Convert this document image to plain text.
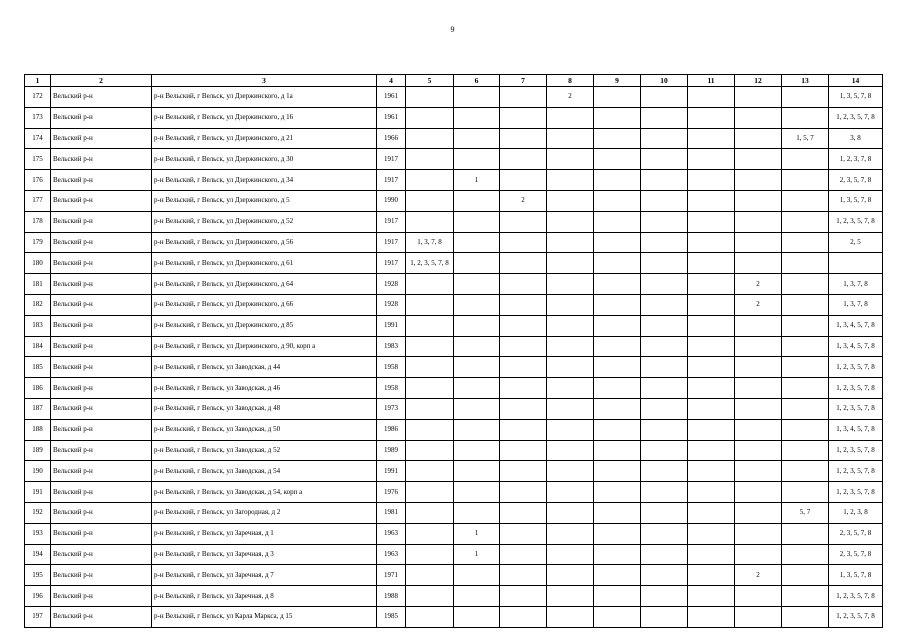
9
1	2	3	4	5	6	7	8	9	10	11	12	13	14
172	Вельский р-н	р-н Вельский, г Вельск, ул Дзержинского, д 1а	1961				2						1, 3, 5, 7, 8
173	Вельский р-н	р-н Вельский, г Вельск, ул Дзержинского, д 16	1961										1, 2, 3, 5, 7, 8
174	Вельский р-н	р-н Вельский, г Вельск, ул Дзержинского, д 21	1966									1, 5, 7	3, 8
175	Вельский р-н	р-н Вельский, г Вельск, ул Дзержинского, д 30	1917										1, 2, 3, 7, 8
176	Вельский р-н	р-н Вельский, г Вельск, ул Дзержинского, д 34	1917		1								2, 3, 5, 7, 8
177	Вельский р-н	р-н Вельский, г Вельск, ул Дзержинского, д 5	1990			2							1, 3, 5, 7, 8
178	Вельский р-н	р-н Вельский, г Вельск, ул Дзержинского, д 52	1917										1, 2, 3, 5, 7, 8
179	Вельский р-н	р-н Вельский, г Вельск, ул Дзержинского, д 56	1917	1, 3, 7, 8									2, 5
180	Вельский р-н	р-н Вельский, г Вельск, ул Дзержинского, д 61	1917	1, 2, 3, 5, 7, 8									
181	Вельский р-н	р-н Вельский, г Вельск, ул Дзержинского, д 64	1928								2		1, 3, 7, 8
182	Вельский р-н	р-н Вельский, г Вельск, ул Дзержинского, д 66	1928								2		1, 3, 7, 8
183	Вельский р-н	р-н Вельский, г Вельск, ул Дзержинского, д 85	1991										1, 3, 4, 5, 7, 8
184	Вельский р-н	р-н Вельский, г Вельск, ул Дзержинского, д 90, корп а	1983										1, 3, 4, 5, 7, 8
185	Вельский р-н	р-н Вельский, г Вельск, ул Заводская, д 44	1958										1, 2, 3, 5, 7, 8
186	Вельский р-н	р-н Вельский, г Вельск, ул Заводская, д 46	1958										1, 2, 3, 5, 7, 8
187	Вельский р-н	р-н Вельский, г Вельск, ул Заводская, д 48	1973										1, 2, 3, 5, 7, 8
188	Вельский р-н	р-н Вельский, г Вельск, ул Заводская, д 50	1986										1, 3, 4, 5, 7, 8
189	Вельский р-н	р-н Вельский, г Вельск, ул Заводская, д 52	1989										1, 2, 3, 5, 7, 8
190	Вельский р-н	р-н Вельский, г Вельск, ул Заводская, д 54	1991										1, 2, 3, 5, 7, 8
191	Вельский р-н	р-н Вельский, г Вельск, ул Заводская, д 54, корп а	1976										1, 2, 3, 5, 7, 8
192	Вельский р-н	р-н Вельский, г Вельск, ул Загородная, д 2	1981									5, 7	1, 2, 3, 8
193	Вельский р-н	р-н Вельский, г Вельск, ул Заречная, д 1	1963		1								2, 3, 5, 7, 8
194	Вельский р-н	р-н Вельский, г Вельск, ул Заречная, д 3	1963		1								2, 3, 5, 7, 8
195	Вельский р-н	р-н Вельский, г Вельск, ул Заречная, д 7	1971								2		1, 3, 5, 7, 8
196	Вельский р-н	р-н Вельский, г Вельск, ул Заречная, д 8	1988										1, 2, 3, 5, 7, 8
197	Вельский р-н	р-н Вельский, г Вельск, ул Карла Маркса, д 15	1985										1, 2, 3, 5, 7, 8
